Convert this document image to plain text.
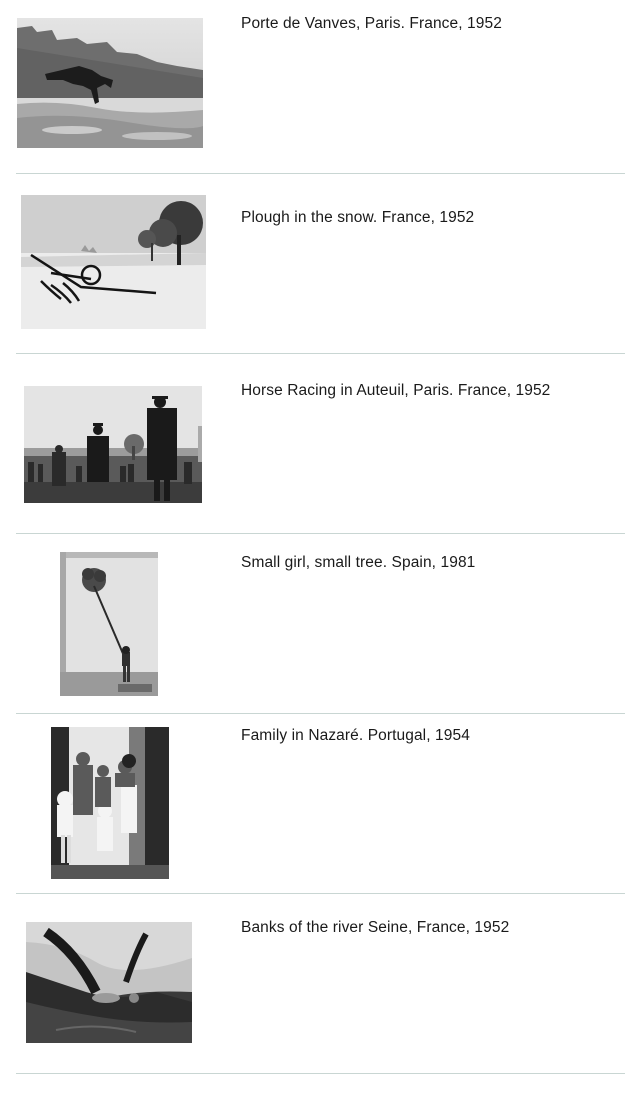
Porte de Vanves, Paris. France, 1952
Plough in the snow. France, 1952
Horse Racing in Auteuil, Paris. France, 1952
Small girl, small tree. Spain, 1981
Family in Nazaré. Portugal, 1954
Banks of the river Seine, France, 1952
